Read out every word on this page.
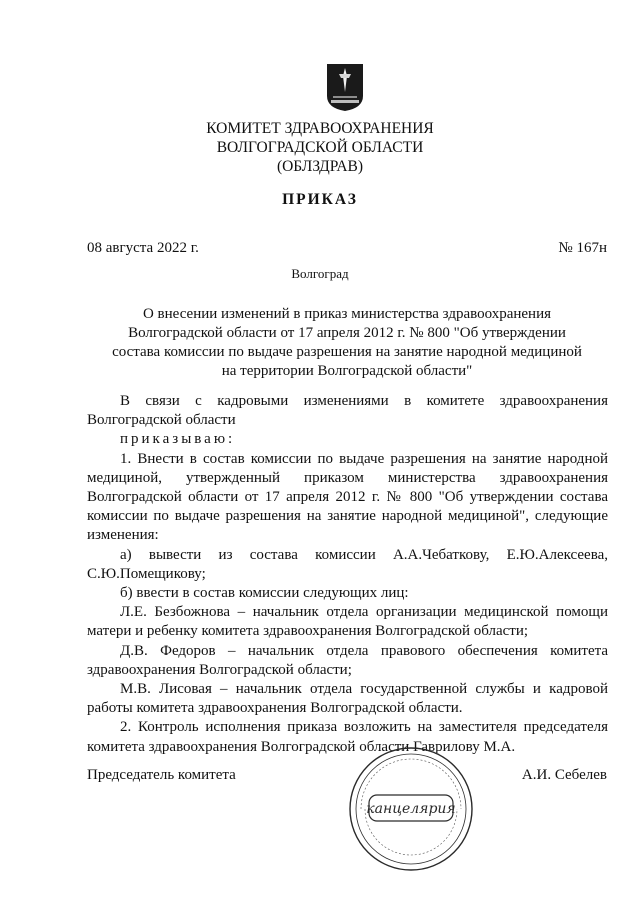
КОМИТЕТ ЗДРАВООХРАНЕНИЯ
ВОЛГОГРАДСКОЙ ОБЛАСТИ
(ОБЛЗДРАВ)
ПРИКАЗ
08 августа 2022 г.	№ 167н
Волгоград
О внесении изменений в приказ министерства здравоохранения
Волгоградской области от 17 апреля 2012 г. № 800 "Об утверждении
состава комиссии по выдаче разрешения на занятие народной медициной
на территории Волгоградской области"

В связи с кадровыми изменениями в комитете здравоохранения Волгоградской области

приказываю:

1. Внести в состав комиссии по выдаче разрешения на занятие народной медициной, утвержденный приказом министерства здравоохранения Волгоградской области от 17 апреля 2012 г. № 800 "Об утверждении состава комиссии по выдаче разрешения на занятие народной медициной", следующие изменения:

а) вывести из состава комиссии А.А.Чебаткову, Е.Ю.Алексеева, С.Ю.Помещикову;

б) ввести в состав комиссии следующих лиц:

Л.Е. Безбожнова – начальник отдела организации медицинской помощи матери и ребенку комитета здравоохранения Волгоградской области;

Д.В. Федоров – начальник отдела правового обеспечения комитета здравоохранения Волгоградской области;

М.В. Лисовая – начальник отдела государственной службы и кадровой работы комитета здравоохранения Волгоградской области.

2. Контроль исполнения приказа возложить на заместителя председателя комитета здравоохранения Волгоградской области Гаврилову М.А.

Председатель комитета	А.И. Себелев
канцелярия
